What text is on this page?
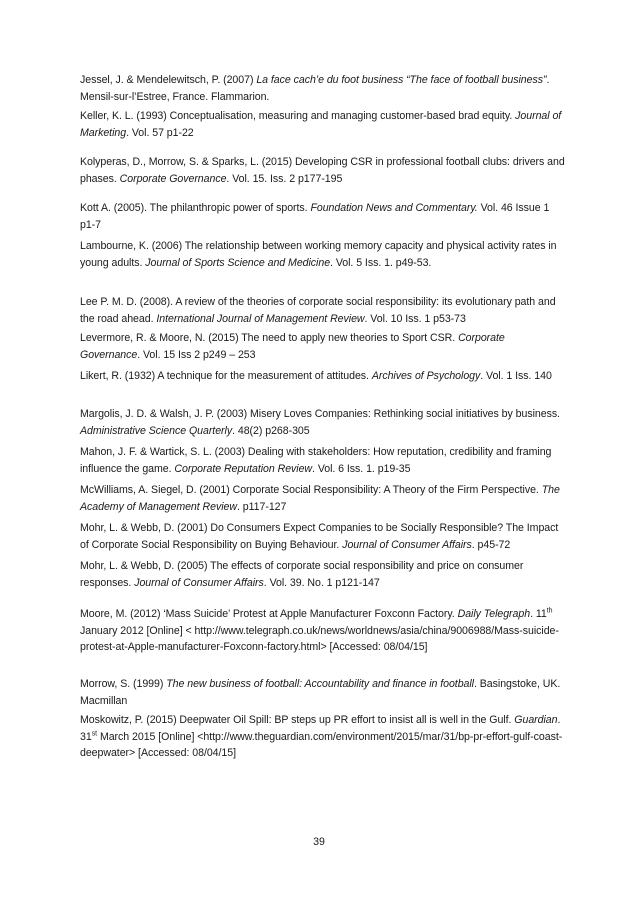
Jessel, J. & Mendelewitsch, P. (2007) La face cach’e du foot business “The face of football business”. Mensil-sur-l’Estree, France. Flammarion.

Keller, K. L. (1993) Conceptualisation, measuring and managing customer-based brad equity. Journal of Marketing. Vol. 57 p1-22

Kolyperas, D., Morrow, S. & Sparks, L. (2015) Developing CSR in professional football clubs: drivers and phases. Corporate Governance. Vol. 15. Iss. 2 p177-195

Kott A. (2005). The philanthropic power of sports. Foundation News and Commentary. Vol. 46 Issue 1 p1-7

Lambourne, K. (2006) The relationship between working memory capacity and physical activity rates in young adults. Journal of Sports Science and Medicine. Vol. 5 Iss. 1. p49-53.

Lee P. M. D. (2008). A review of the theories of corporate social responsibility: its evolutionary path and the road ahead. International Journal of Management Review. Vol. 10 Iss. 1 p53-73

Levermore, R. & Moore, N. (2015) The need to apply new theories to Sport CSR. Corporate Governance. Vol. 15 Iss 2 p249 – 253

Likert, R. (1932) A technique for the measurement of attitudes. Archives of Psychology. Vol. 1 Iss. 140

Margolis, J. D. & Walsh, J. P. (2003) Misery Loves Companies: Rethinking social initiatives by business. Administrative Science Quarterly. 48(2) p268-305

Mahon, J. F. & Wartick, S. L. (2003) Dealing with stakeholders: How reputation, credibility and framing influence the game. Corporate Reputation Review. Vol. 6 Iss. 1. p19-35

McWilliams, A. Siegel, D. (2001) Corporate Social Responsibility: A Theory of the Firm Perspective. The Academy of Management Review. p117-127

Mohr, L. & Webb, D. (2001) Do Consumers Expect Companies to be Socially Responsible? The Impact of Corporate Social Responsibility on Buying Behaviour. Journal of Consumer Affairs. p45-72

Mohr, L. & Webb, D. (2005) The effects of corporate social responsibility and price on consumer responses. Journal of Consumer Affairs. Vol. 39. No. 1 p121-147

Moore, M. (2012) ‘Mass Suicide’ Protest at Apple Manufacturer Foxconn Factory. Daily Telegraph. 11th January 2012 [Online] < http://www.telegraph.co.uk/news/worldnews/asia/china/9006988/Mass-suicide-protest-at-Apple-manufacturer-Foxconn-factory.html> [Accessed: 08/04/15]

Morrow, S. (1999) The new business of football: Accountability and finance in football. Basingstoke, UK. Macmillan

Moskowitz, P. (2015) Deepwater Oil Spill: BP steps up PR effort to insist all is well in the Gulf. Guardian. 31st March 2015 [Online] <http://www.theguardian.com/environment/2015/mar/31/bp-pr-effort-gulf-coast-deepwater> [Accessed: 08/04/15]

39
